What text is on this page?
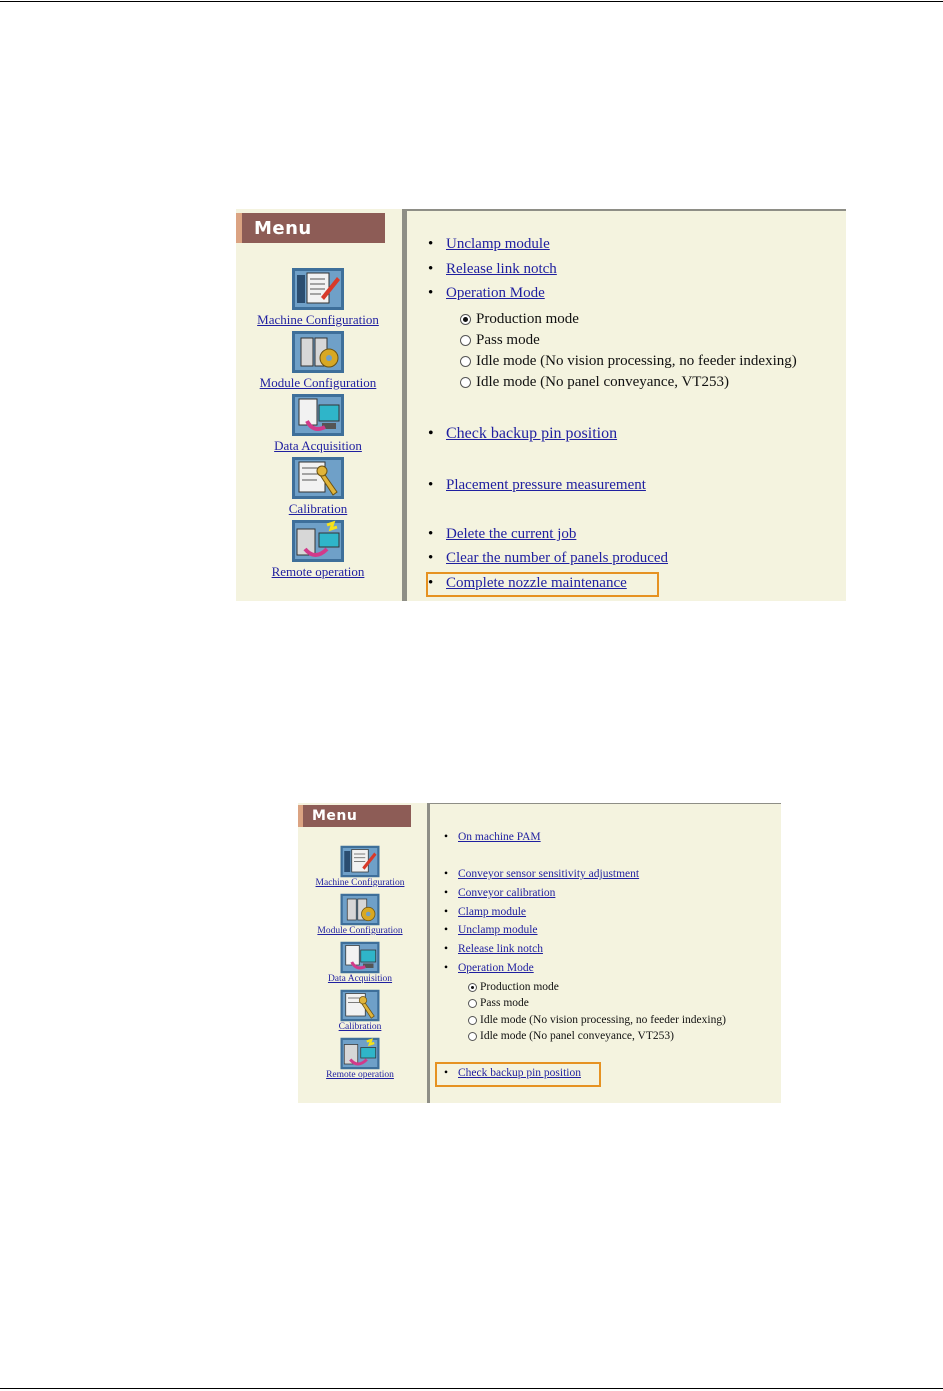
Menu
Machine Configuration
Module Configuration
Data Acquisition
Calibration
Remote operation
• Unclamp module
• Release link notch
• Operation Mode
Production mode
Pass mode
Idle mode (No vision processing, no feeder indexing)
Idle mode (No panel conveyance, VT253)
• Check backup pin position
• Placement pressure measurement
• Delete the current job
• Clear the number of panels produced
• Complete nozzle maintenance
Menu
Machine Configuration
Module Configuration
Data Acquisition
Calibration
Remote operation
• On machine PAM
• Conveyor sensor sensitivity adjustment
• Conveyor calibration
• Clamp module
• Unclamp module
• Release link notch
• Operation Mode
Production mode
Pass mode
Idle mode (No vision processing, no feeder indexing)
Idle mode (No panel conveyance, VT253)
• Check backup pin position
